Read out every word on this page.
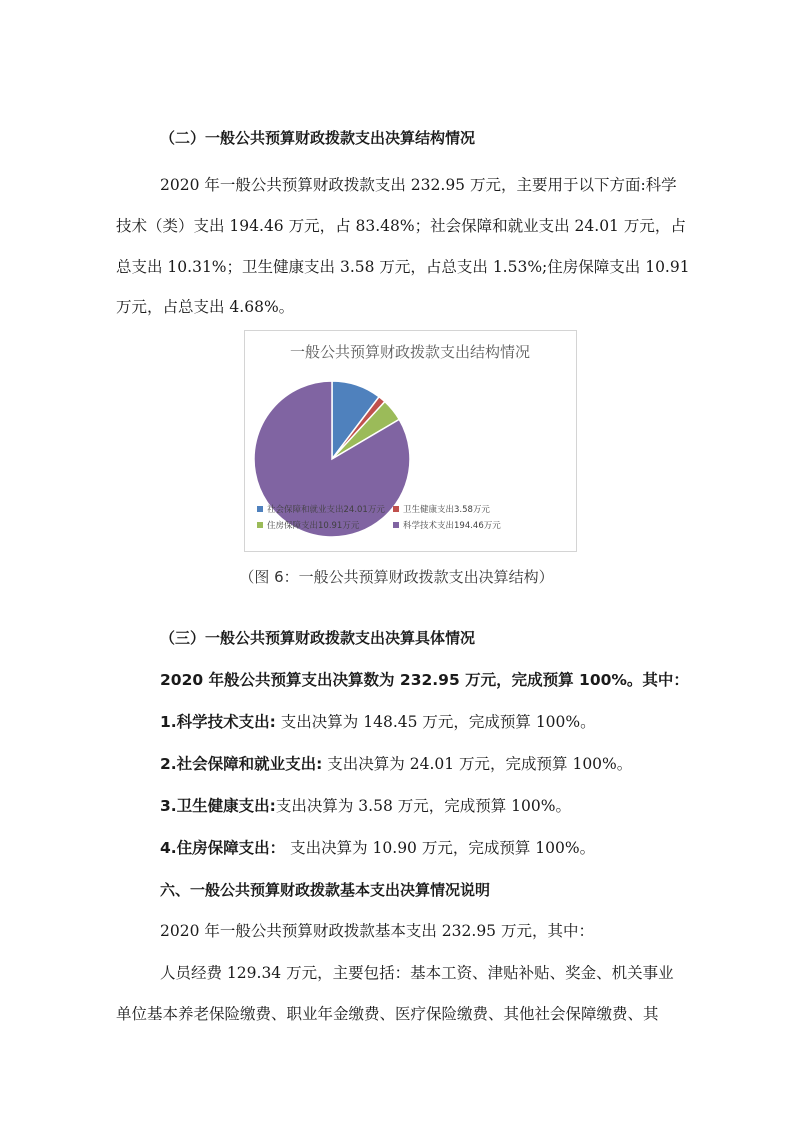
（二）一般公共预算财政拨款支出决算结构情况
2020 年一般公共预算财政拨款支出 232.95 万元，主要用于以下方面:科学
技术（类）支出 194.46 万元，占 83.48%；社会保障和就业支出 24.01 万元，占
总支出 10.31%；卫生健康支出 3.58 万元，占总支出 1.53%;住房保障支出 10.91
万元，占总支出 4.68%。
一般公共预算财政拨款支出结构情况
社会保障和就业支出24.01万元 卫生健康支出3.58万元
住房保障支出10.91万元	科学技术支出194.46万元
（图 6：一般公共预算财政拨款支出决算结构）
（三）一般公共预算财政拨款支出决算具体情况
2020 年般公共预算支出决算数为 232.95 万元，完成预算 100%。其中：
1.科学技术支出: 支出决算为 148.45 万元，完成预算 100%。
2.社会保障和就业支出: 支出决算为 24.01 万元，完成预算 100%。
3.卫生健康支出:支出决算为 3.58 万元，完成预算 100%。
4.住房保障支出： 支出决算为 10.90 万元，完成预算 100%。
六、一般公共预算财政拨款基本支出决算情况说明
2020 年一般公共预算财政拨款基本支出 232.95 万元，其中：
人员经费 129.34 万元，主要包括：基本工资、津贴补贴、奖金、机关事业
单位基本养老保险缴费、职业年金缴费、医疗保险缴费、其他社会保障缴费、其
